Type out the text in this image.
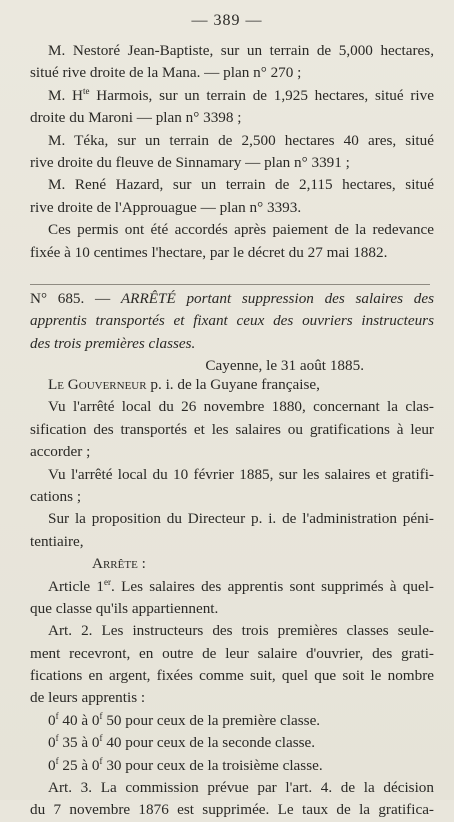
— 389 —
M. Nestoré Jean-Baptiste, sur un terrain de 5,000 hectares,
situé rive droite de la Mana. — plan n° 270 ;
M. $H^{te}$ Harmois, sur un terrain de 1,925 hectares, situé rive
droite du Maroni — plan n° 3398 ;
M. Téka, sur un terrain de 2,500 hectares 40 ares, situé
rive droite du fleuve de Sinnamary — plan n° 3391 ;
M. René Hazard, sur un terrain de 2,115 hectares, situé
rive droite de l'Approuague — plan n° 3393.
Ces permis ont été accordés après paiement de la redevance
fixée à 10 centimes l'hectare, par le décret du 27 mai 1882.
N° 685. — ARRÊTÉ portant suppression des salaires des
apprentis transportés et fixant ceux des ouvriers instructeurs
des trois premières classes.
Cayenne, le 31 août 1885.
Le Gouverneur p. i. de la Guyane française,
Vu l'arrêté local du 26 novembre 1880, concernant la clas-
sification des transportés et les salaires ou gratifications à leur
accorder ;
Vu l'arrêté local du 10 février 1885, sur les salaires et gratifi-
cations ;
Sur la proposition du Directeur p. i. de l'administration péni-
tentiaire,
Arrête :
Article 1er. Les salaires des apprentis sont supprimés à quel-
que classe qu'ils appartiennent.
Art. 2. Les instructeurs des trois premières classes seule-
ment recevront, en outre de leur salaire d'ouvrier, des grati-
fications en argent, fixées comme suit, quel que soit le nombre
de leurs apprentis :
0$^f$ 40 à 0$^f$ 50 pour ceux de la première classe.
0$^f$ 35 à 0$^f$ 40 pour ceux de la seconde classe.
0$^f$ 25 à 0$^f$ 30 pour ceux de la troisième classe.
Art. 3. La commission prévue par l'art. 4. de la décision
du 7 novembre 1876 est supprimée. Le taux de la gratifica-
